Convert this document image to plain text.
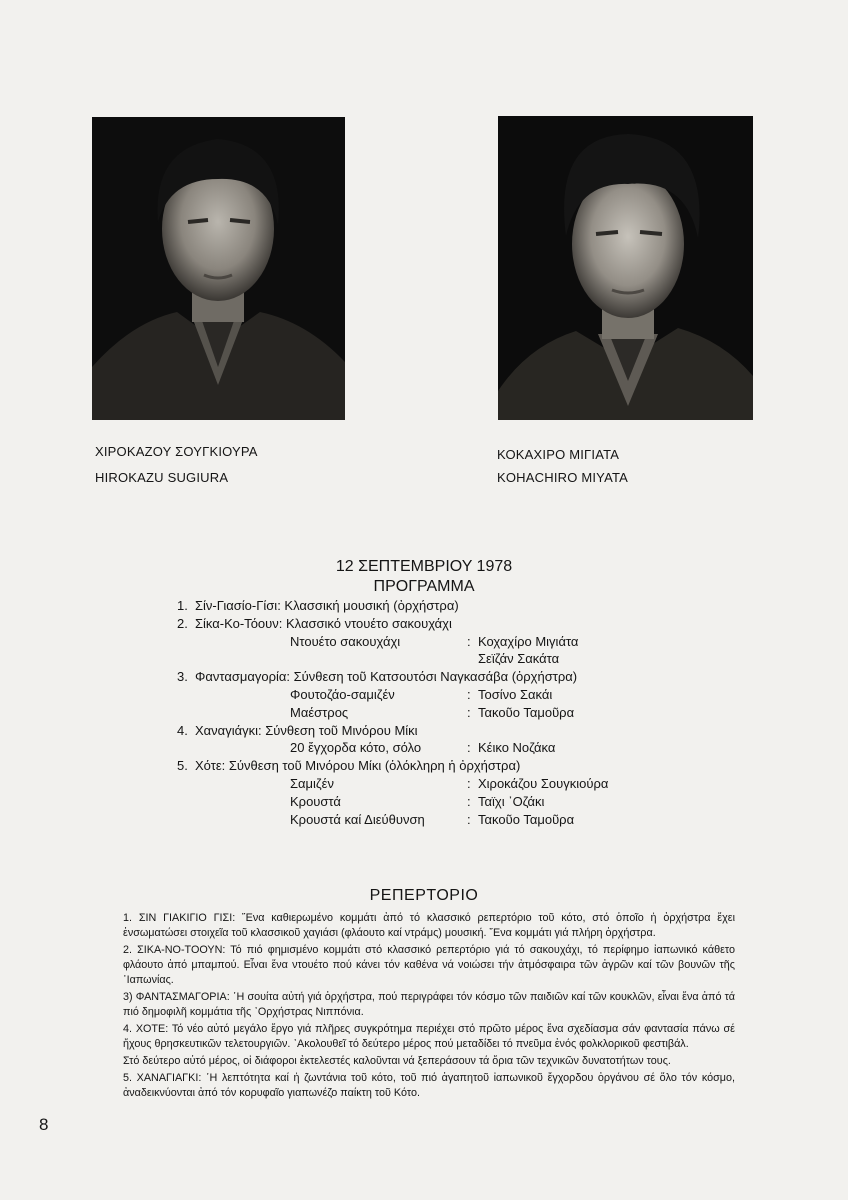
ΧΙΡΟΚΑΖΟΥ ΣΟΥΓΚΙΟΥΡΑ
HIROKAZU SUGIURA
ΚΟΚΑΧΙΡΟ ΜΙΓΙΑΤΑ
KOHACHIRO MIYATA
12 ΣΕΠΤΕΜΒΡΙΟΥ 1978
ΠΡΟΓΡΑΜΜΑ
1. Σίν-Γιασίο-Γίσι: Κλασσική μουσική (ὀρχήστρα)
2. Σίκα-Κο-Τόουν: Κλασσικό ντουέτο σακουχάχι
Ντουέτο σακουχάχι	: Κοχαχίρο Μιγιάτα
Σεϊζάν Σακάτα
3. Φαντασμαγορία: Σύνθεση τοῦ Κατσουτόσι Ναγκασάβα (ὀρχήστρα)
Φουτοζάο-σαμιζέν	: Τοσίνο Σακάι
Μαέστρος	: Τακοῦο Ταμοῦρα
4. Χαναγιάγκι: Σύνθεση τοῦ Μινόρου Μίκι
20 ἔγχορδα κότο, σόλο	: Κέικο Νοζάκα
5. Χότε: Σύνθεση τοῦ Μινόρου Μίκι (ὁλόκληρη ἡ ὀρχήστρα)
Σαμιζέν	: Χιροκάζου Σουγκιούρα
Κρουστά	: Ταϊχι ᾿Οζάκι
Κρουστά καί Διεύθυνση	: Τακοῦο Ταμοῦρα
ΡΕΠΕΡΤΟΡΙΟ

1. ΣΙΝ ΓΙΑΚΙΓΙΟ ΓΙΣΙ: ῞Ενα καθιερωμένο κομμάτι ἀπό τό κλασσικό ρεπερτόριο τοῦ κότο, στό ὁποῖο ἡ ὀρχήστρα ἔχει ἐνσωματώσει στοιχεῖα τοῦ κλασσικοῦ χαγιάσι (φλάουτο καί ντράμς) μουσική. ῞Ενα κομμάτι γιά πλήρη ὀρχήστρα.

2. ΣΙΚΑ-ΝΟ-ΤΟΟΥΝ: Τό πιό φημισμένο κομμάτι στό κλασσικό ρεπερτόριο γιά τό σακουχάχι, τό περίφημο ἰαπωνικό κάθετο φλάουτο ἀπό μπαμπού. Εἶναι ἕνα ντουέτο πού κάνει τόν καθένα νά νοιώσει τήν ἀτμόσφαιρα τῶν ἀγρῶν καί τῶν βουνῶν τῆς ᾿Ιαπωνίας.

3) ΦΑΝΤΑΣΜΑΓΟΡΙΑ: ῾Η σουίτα αὐτή γιά ὀρχήστρα, πού περιγράφει τόν κόσμο τῶν παιδιῶν καί τῶν κουκλῶν, εἶναι ἕνα ἀπό τά πιό δημοφιλῆ κομμάτια τῆς ᾿Ορχήστρας Νιππόνια.

4. ΧΟΤΕ: Τό νέο αὐτό μεγάλο ἔργο γιά πλῆρες συγκρότημα περιέχει στό πρῶτο μέρος ἕνα σχεδίασμα σάν φαντασία πάνω σέ ἤχους θρησκευτικῶν τελετουργιῶν. ᾿Ακολουθεῖ τό δεύτερο μέρος πού μεταδίδει τό πνεῦμα ἑνός φολκλορικοῦ φεστιβάλ.

Στό δεύτερο αὐτό μέρος, οἱ διάφοροι ἐκτελεστές καλοῦνται νά ξεπεράσουν τά ὅρια τῶν τεχνικῶν δυνατοτήτων τους.

5. ΧΑΝΑΓΙΑΓΚΙ: ῾Η λεπτότητα καί ἡ ζωντάνια τοῦ κότο, τοῦ πιό ἀγαπητοῦ ἰαπωνικοῦ ἔγχορδου ὀργάνου σέ ὅλο τόν κόσμο, ἀναδεικνύονται ἀπό τόν κορυφαῖο γιαπωνέζο παίκτη τοῦ Κότο.

8
